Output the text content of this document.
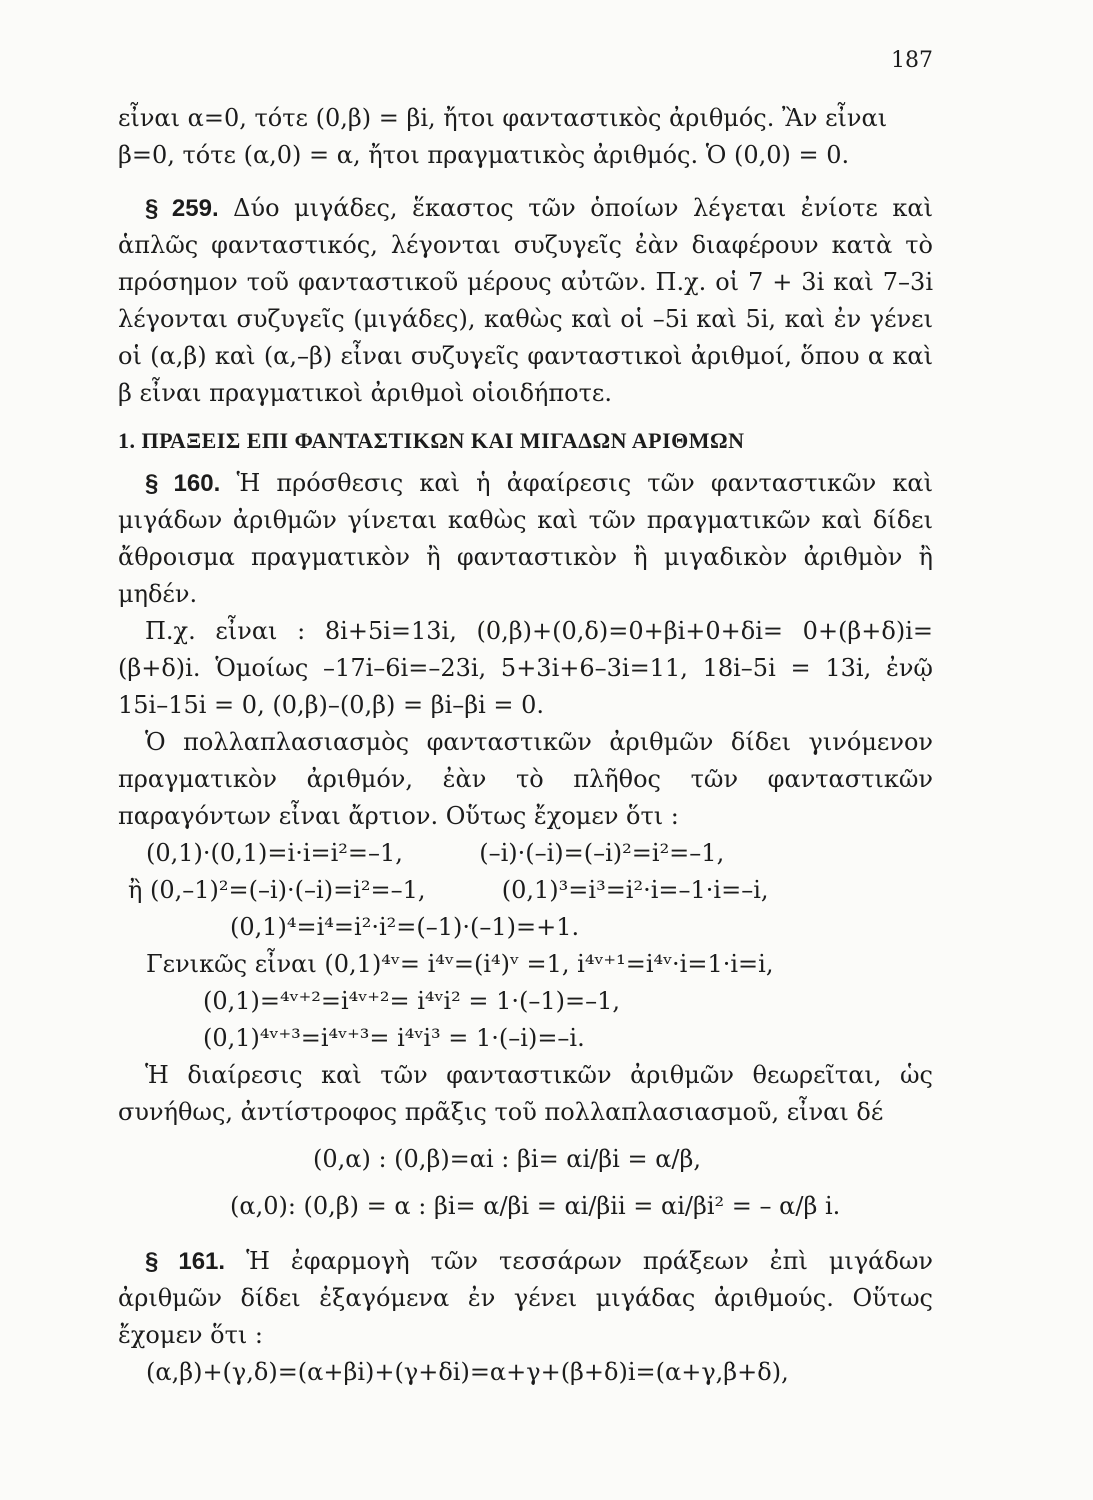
187

εἶναι α=0, τότε (0,β) = βi, ἤτοι φανταστικὸς ἀριθμός. Ἂν εἶναι

β=0, τότε (α,0) = α, ἤτοι πραγματικὸς ἀριθμός. Ὁ (0,0) = 0.

§ 259. Δύο μιγάδες, ἕκαστος τῶν ὁποίων λέγεται ἐνίοτε καὶ ἁπλῶς φανταστικός, λέγονται συζυγεῖς ἐὰν διαφέρουν κατὰ τὸ πρόσημον τοῦ φανταστικοῦ μέρους αὐτῶν. Π.χ. οἱ 7 + 3i καὶ 7–3i λέγονται συζυγεῖς (μιγάδες), καθὼς καὶ οἱ –5i καὶ 5i, καὶ ἐν γένει οἱ (α,β) καὶ (α,–β) εἶναι συζυγεῖς φανταστικοὶ ἀριθμοί, ὅπου α καὶ β εἶναι πραγματικοὶ ἀριθμοὶ οἱοιδήποτε.

1. ΠΡΑΞΕΙΣ ΕΠΙ ΦΑΝΤΑΣΤΙΚΩΝ ΚΑΙ ΜΙΓΑΔΩΝ ΑΡΙΘΜΩΝ

§ 160. Ἡ πρόσθεσις καὶ ἡ ἀφαίρεσις τῶν φανταστικῶν καὶ μιγάδων ἀριθμῶν γίνεται καθὼς καὶ τῶν πραγματικῶν καὶ δίδει ἄθροισμα πραγματικὸν ἢ φανταστικὸν ἢ μιγαδικὸν ἀριθμὸν ἢ μηδέν.

Π.χ. εἶναι : 8i+5i=13i, (0,β)+(0,δ)=0+βi+0+δi= 0+(β+δ)i=(β+δ)i. Ὁμοίως –17i–6i=–23i, 5+3i+6–3i=11, 18i–5i = 13i, ἐνῷ 15i–15i = 0, (0,β)–(0,β) = βi–βi = 0.

Ὁ πολλαπλασιασμὸς φανταστικῶν ἀριθμῶν δίδει γινόμενον πραγματικὸν ἀριθμόν, ἐὰν τὸ πλῆθος τῶν φανταστικῶν παραγόντων εἶναι ἄρτιον. Οὕτως ἔχομεν ὅτι :

(0,1)·(0,1)=i·i=i²=–1,          (–i)·(–i)=(–i)²=i²=–1,
ἢ (0,–1)²=(–i)·(–i)=i²=–1,          (0,1)³=i³=i²·i=–1·i=–i,
(0,1)⁴=i⁴=i²·i²=(–1)·(–1)=+1.
Γενικῶς εἶναι (0,1)⁴ᵛ= i⁴ᵛ=(i⁴)ᵛ =1, i⁴ᵛ⁺¹=i⁴ᵛ·i=1·i=i,
(0,1)=⁴ᵛ⁺²=i⁴ᵛ⁺²= i⁴ᵛi² = 1·(–1)=–1,
(0,1)⁴ᵛ⁺³=i⁴ᵛ⁺³= i⁴ᵛi³ = 1·(–i)=–i.

Ἡ διαίρεσις καὶ τῶν φανταστικῶν ἀριθμῶν θεωρεῖται, ὡς συνήθως, ἀντίστροφος πρᾶξις τοῦ πολλαπλασιασμοῦ, εἶναι δέ

(0,α) : (0,β)=αi : βi= αi/βi = α/β,
(α,0): (0,β) = α : βi= α/βi = αi/βii = αi/βi² = – α/β i.

§ 161. Ἡ ἐφαρμογὴ τῶν τεσσάρων πράξεων ἐπὶ μιγάδων ἀριθμῶν δίδει ἐξαγόμενα ἐν γένει μιγάδας ἀριθμούς. Οὕτως ἔχομεν ὅτι :

(α,β)+(γ,δ)=(α+βi)+(γ+δi)=α+γ+(β+δ)i=(α+γ,β+δ),
